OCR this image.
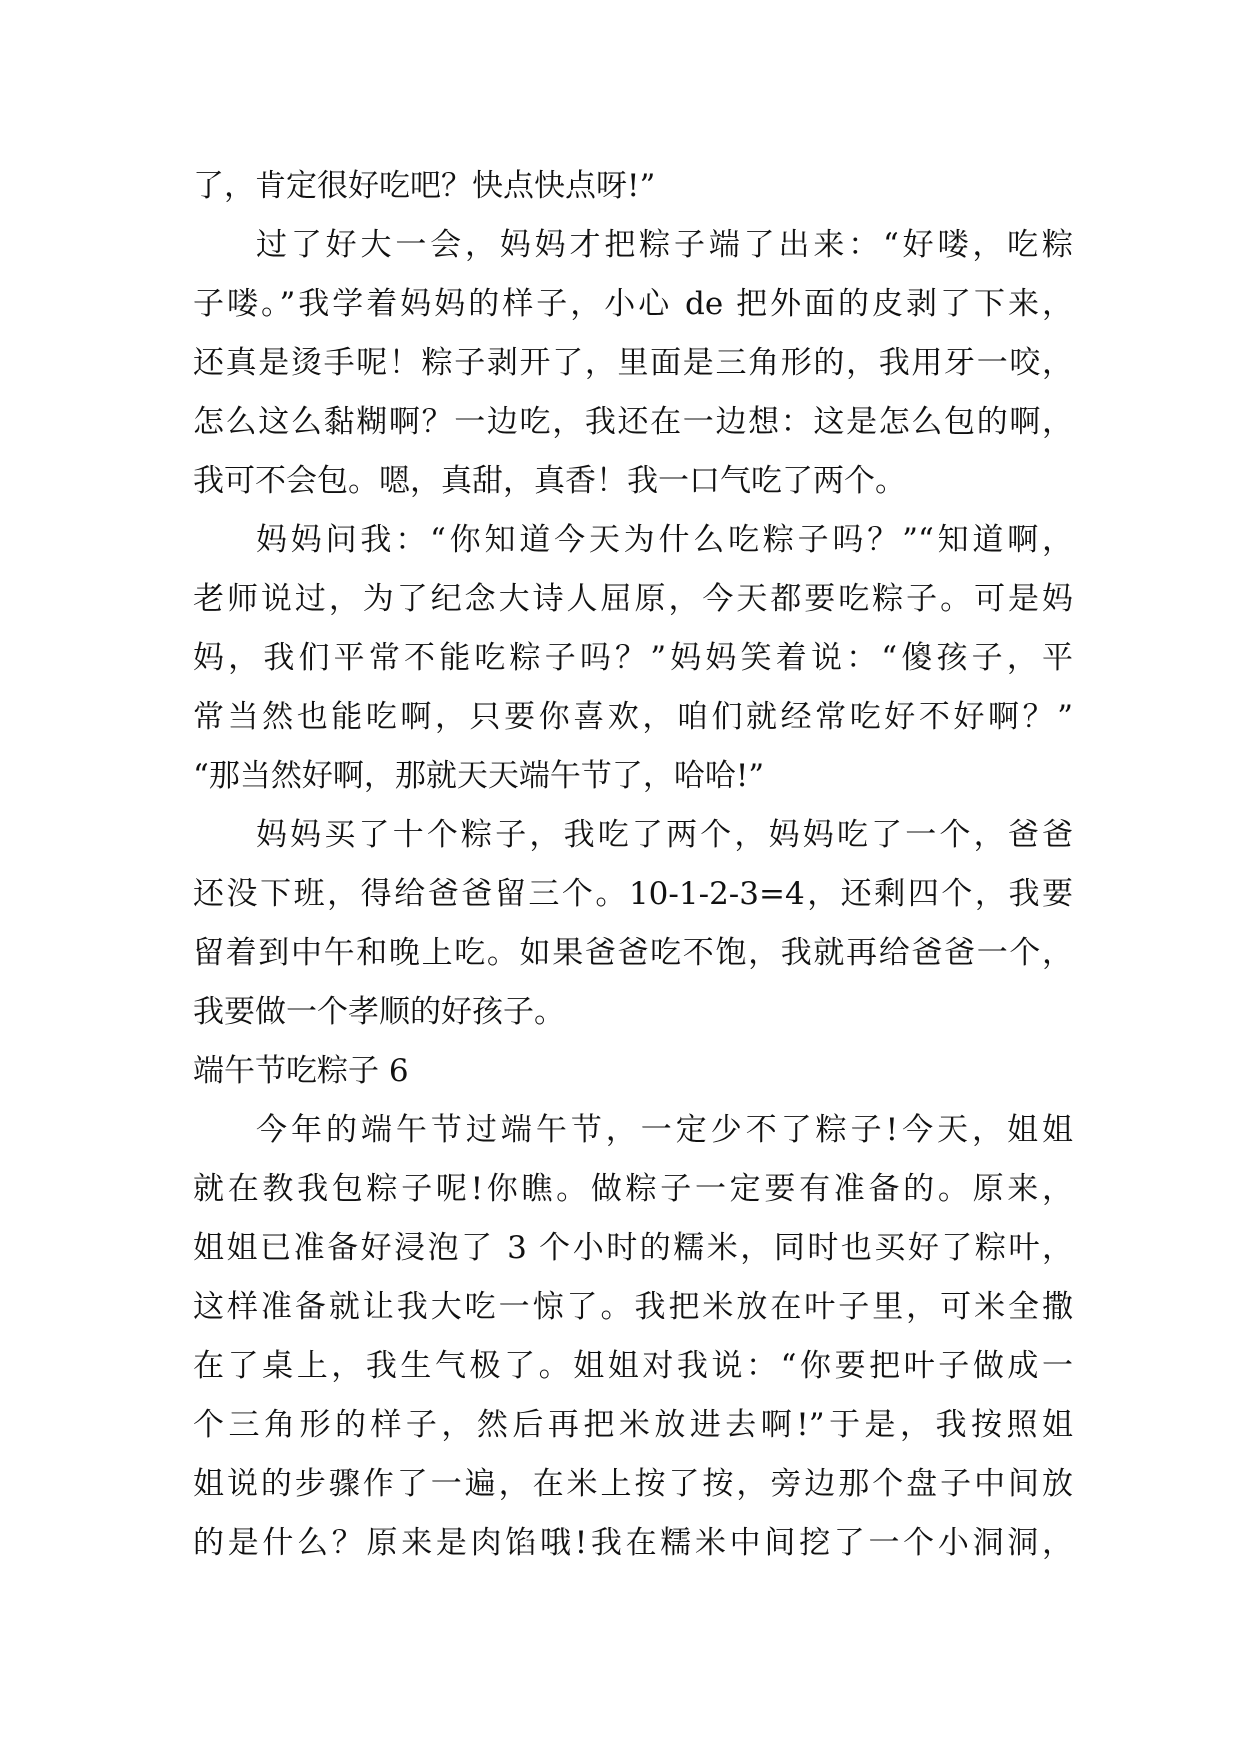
了，肯定很好吃吧？快点快点呀!”
过了好大一会，妈妈才把粽子端了出来：“好喽，吃粽
子喽。”我学着妈妈的样子，小心 de 把外面的皮剥了下来，
还真是烫手呢！粽子剥开了，里面是三角形的，我用牙一咬，
怎么这么黏糊啊？一边吃，我还在一边想：这是怎么包的啊，
我可不会包。嗯，真甜，真香！我一口气吃了两个。
妈妈问我：“你知道今天为什么吃粽子吗？”“知道啊，
老师说过，为了纪念大诗人屈原，今天都要吃粽子。可是妈
妈，我们平常不能吃粽子吗？”妈妈笑着说：“傻孩子，平
常当然也能吃啊，只要你喜欢，咱们就经常吃好不好啊？”
“那当然好啊，那就天天端午节了，哈哈!”
妈妈买了十个粽子，我吃了两个，妈妈吃了一个，爸爸
还没下班，得给爸爸留三个。10-1-2-3=4，还剩四个，我要
留着到中午和晚上吃。如果爸爸吃不饱，我就再给爸爸一个，
我要做一个孝顺的好孩子。
端午节吃粽子 6
今年的端午节过端午节，一定少不了粽子!今天，姐姐
就在教我包粽子呢!你瞧。做粽子一定要有准备的。原来，
姐姐已准备好浸泡了 3 个小时的糯米，同时也买好了粽叶，
这样准备就让我大吃一惊了。我把米放在叶子里，可米全撒
在了桌上，我生气极了。姐姐对我说：“你要把叶子做成一
个三角形的样子，然后再把米放进去啊!”于是，我按照姐
姐说的步骤作了一遍，在米上按了按，旁边那个盘子中间放
的是什么？原来是肉馅哦!我在糯米中间挖了一个小洞洞，
